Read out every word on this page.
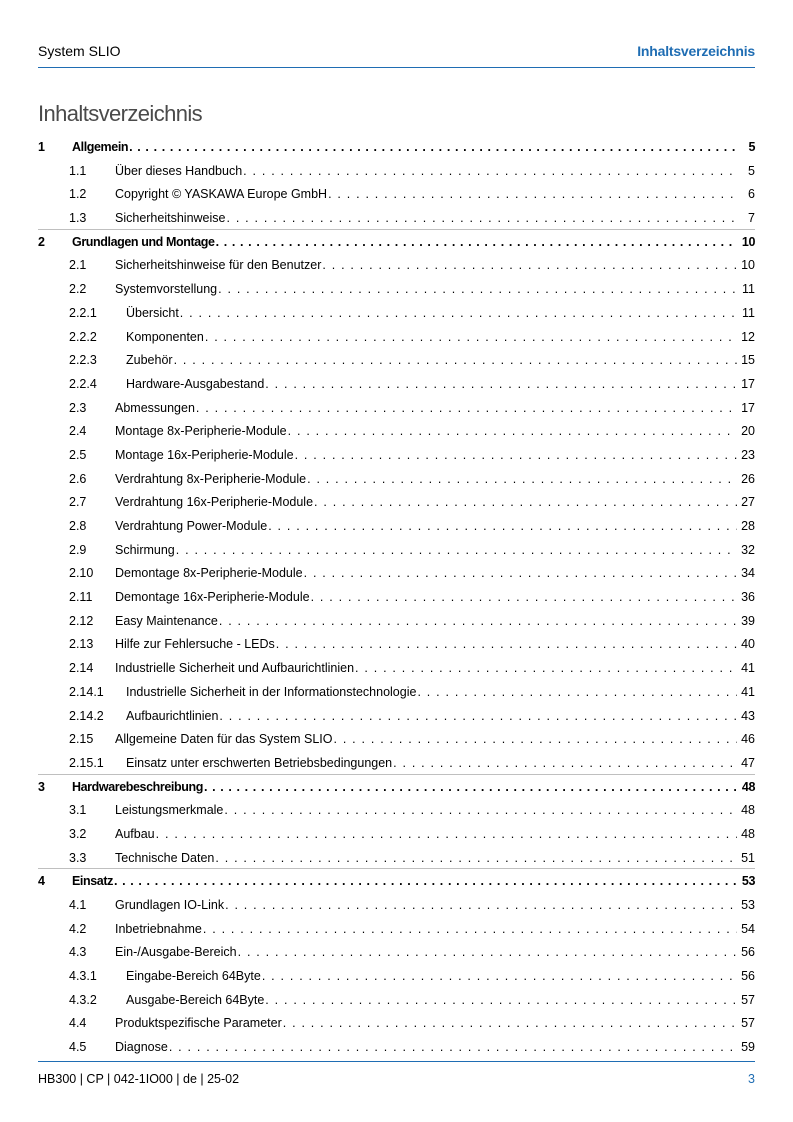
System SLIO	Inhaltsverzeichnis
Inhaltsverzeichnis
1 Allgemein . . .	5
1.1 Über dieses Handbuch . . .	5
1.2 Copyright © YASKAWA Europe GmbH . . .	6
1.3 Sicherheitshinweise . . .	7
2 Grundlagen und Montage . . .	10
2.1 Sicherheitshinweise für den Benutzer . . .	10
2.2 Systemvorstellung . . .	11
2.2.1 Übersicht . . .	11
2.2.2 Komponenten . . .	12
2.2.3 Zubehör . . .	15
2.2.4 Hardware-Ausgabestand . . .	17
2.3 Abmessungen . . .	17
2.4 Montage 8x-Peripherie-Module . . .	20
2.5 Montage 16x-Peripherie-Module . . .	23
2.6 Verdrahtung 8x-Peripherie-Module . . .	26
2.7 Verdrahtung 16x-Peripherie-Module . . .	27
2.8 Verdrahtung Power-Module . . .	28
2.9 Schirmung . . .	32
2.10 Demontage 8x-Peripherie-Module . . .	34
2.11 Demontage 16x-Peripherie-Module . . .	36
2.12 Easy Maintenance . . .	39
2.13 Hilfe zur Fehlersuche - LEDs . . .	40
2.14 Industrielle Sicherheit und Aufbaurichtlinien . . .	41
2.14.1 Industrielle Sicherheit in der Informationstechnologie . . .	41
2.14.2 Aufbaurichtlinien . . .	43
2.15 Allgemeine Daten für das System SLIO . . .	46
2.15.1 Einsatz unter erschwerten Betriebsbedingungen . . .	47
3 Hardwarebeschreibung . . .	48
3.1 Leistungsmerkmale . . .	48
3.2 Aufbau . . .	48
3.3 Technische Daten . . .	51
4 Einsatz . . .	53
4.1 Grundlagen IO-Link . . .	53
4.2 Inbetriebnahme . . .	54
4.3 Ein-/Ausgabe-Bereich . . .	56
4.3.1 Eingabe-Bereich 64Byte . . .	56
4.3.2 Ausgabe-Bereich 64Byte . . .	57
4.4 Produktspezifische Parameter . . .	57
4.5 Diagnose . . .	59
HB300 | CP | 042-1IO00 | de | 25-02	3
